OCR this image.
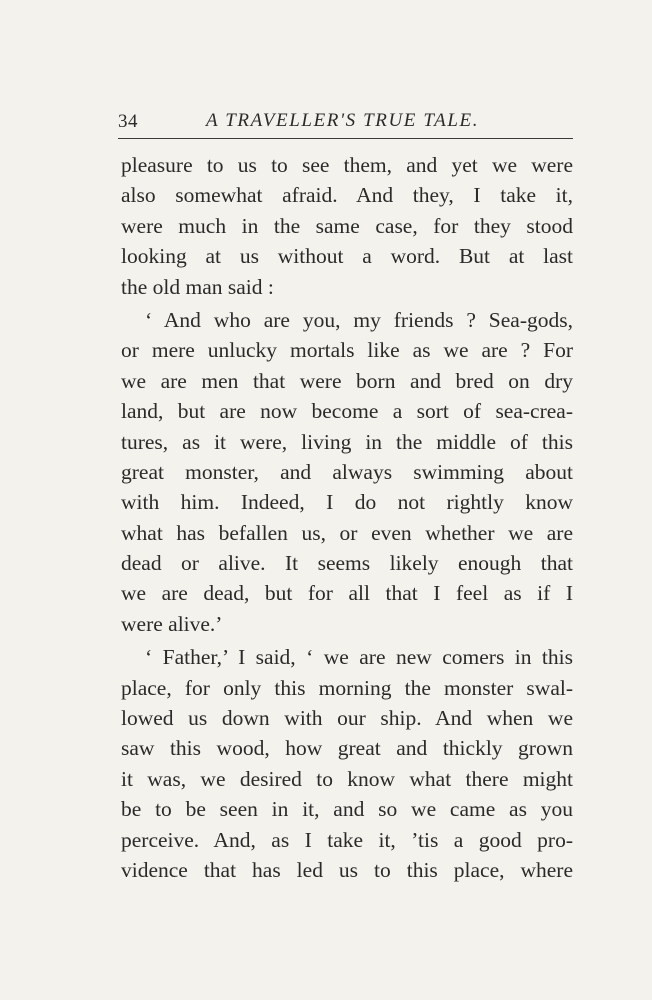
34	A TRAVELLER'S TRUE TALE.
pleasure to us to see them, and yet we were
also somewhat afraid. And they, I take it,
were much in the same case, for they stood
looking at us without a word. But at last
the old man said :
‘ And who are you, my friends ? Sea-gods,
or mere unlucky mortals like as we are ? For
we are men that were born and bred on dry
land, but are now become a sort of sea-crea-
tures, as it were, living in the middle of this
great monster, and always swimming about
with him. Indeed, I do not rightly know
what has befallen us, or even whether we are
dead or alive. It seems likely enough that
we are dead, but for all that I feel as if I
were alive.’
‘ Father,’ I said, ‘ we are new comers in this
place, for only this morning the monster swal-
lowed us down with our ship. And when we
saw this wood, how great and thickly grown
it was, we desired to know what there might
be to be seen in it, and so we came as you
perceive. And, as I take it, ’tis a good pro-
vidence that has led us to this place, where
